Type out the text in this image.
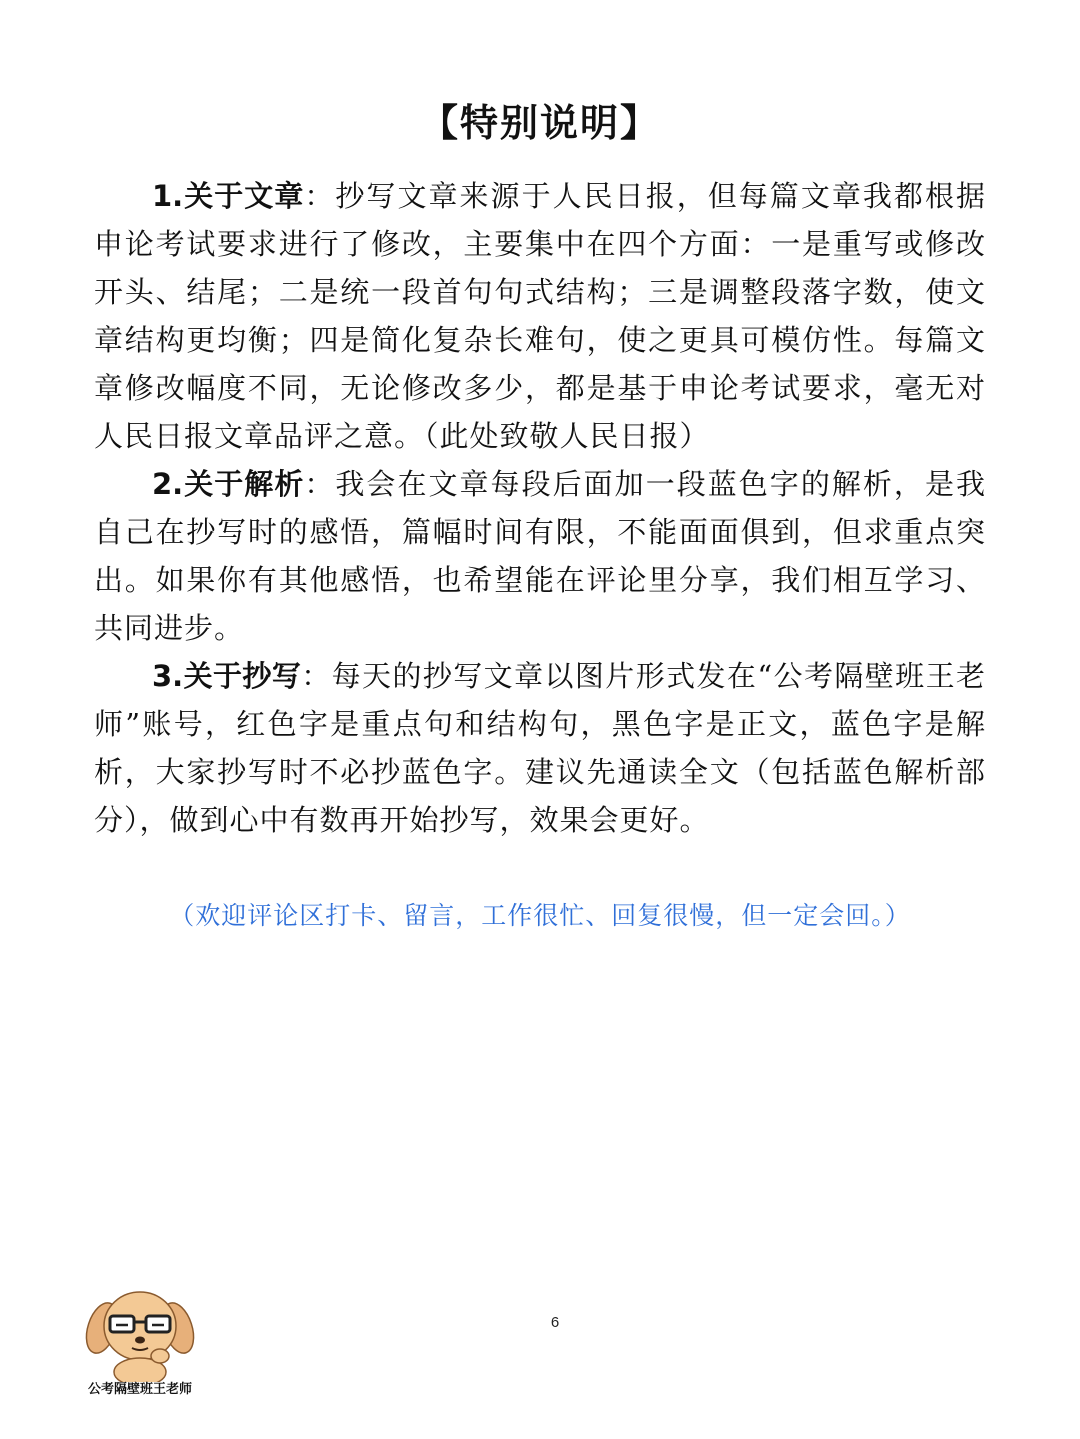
【特别说明】

1.关于文章：抄写文章来源于人民日报，但每篇文章我都根据申论考试要求进行了修改，主要集中在四个方面：一是重写或修改开头、结尾；二是统一段首句句式结构；三是调整段落字数，使文章结构更均衡；四是简化复杂长难句，使之更具可模仿性。每篇文章修改幅度不同，无论修改多少，都是基于申论考试要求，毫无对人民日报文章品评之意。（此处致敬人民日报）

2.关于解析：我会在文章每段后面加一段蓝色字的解析，是我自己在抄写时的感悟，篇幅时间有限，不能面面俱到，但求重点突出。如果你有其他感悟，也希望能在评论里分享，我们相互学习、共同进步。

3.关于抄写：每天的抄写文章以图片形式发在“公考隔壁班王老师”账号，红色字是重点句和结构句，黑色字是正文，蓝色字是解析，大家抄写时不必抄蓝色字。建议先通读全文（包括蓝色解析部分），做到心中有数再开始抄写，效果会更好。

（欢迎评论区打卡、留言，工作很忙、回复很慢，但一定会回。）
6
公考隔壁班王老师
